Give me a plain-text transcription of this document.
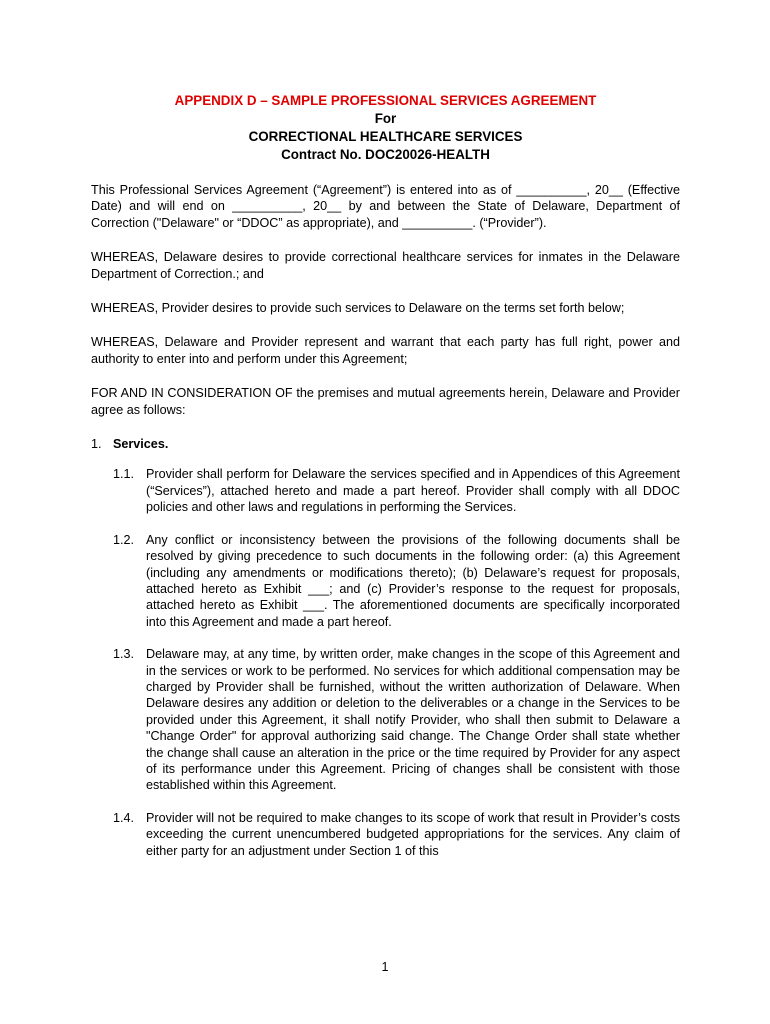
APPENDIX D – SAMPLE PROFESSIONAL SERVICES AGREEMENT
For
CORRECTIONAL HEALTHCARE SERVICES
Contract No. DOC20026-HEALTH

This Professional Services Agreement (“Agreement”) is entered into as of __________, 20__ (Effective Date) and will end on __________, 20__ by and between the State of Delaware, Department of Correction ("Delaware" or “DDOC” as appropriate), and __________. (“Provider”).

WHEREAS, Delaware desires to provide correctional healthcare services for inmates in the Delaware Department of Correction.; and

WHEREAS, Provider desires to provide such services to Delaware on the terms set forth below;

WHEREAS, Delaware and Provider represent and warrant that each party has full right, power and authority to enter into and perform under this Agreement;

FOR AND IN CONSIDERATION OF the premises and mutual agreements herein, Delaware and Provider agree as follows:

1. Services.
1.1. Provider shall perform for Delaware the services specified and in Appendices of this Agreement (“Services”), attached hereto and made a part hereof. Provider shall comply with all DDOC policies and other laws and regulations in performing the Services.

1.2. Any conflict or inconsistency between the provisions of the following documents shall be resolved by giving precedence to such documents in the following order: (a) this Agreement (including any amendments or modifications thereto); (b) Delaware’s request for proposals, attached hereto as Exhibit ___; and (c) Provider’s response to the request for proposals, attached hereto as Exhibit ___. The aforementioned documents are specifically incorporated into this Agreement and made a part hereof.

1.3. Delaware may, at any time, by written order, make changes in the scope of this Agreement and in the services or work to be performed. No services for which additional compensation may be charged by Provider shall be furnished, without the written authorization of Delaware. When Delaware desires any addition or deletion to the deliverables or a change in the Services to be provided under this Agreement, it shall notify Provider, who shall then submit to Delaware a "Change Order" for approval authorizing said change. The Change Order shall state whether the change shall cause an alteration in the price or the time required by Provider for any aspect of its performance under this Agreement. Pricing of changes shall be consistent with those established within this Agreement.

1.4. Provider will not be required to make changes to its scope of work that result in Provider’s costs exceeding the current unencumbered budgeted appropriations for the services. Any claim of either party for an adjustment under Section 1 of this

1
